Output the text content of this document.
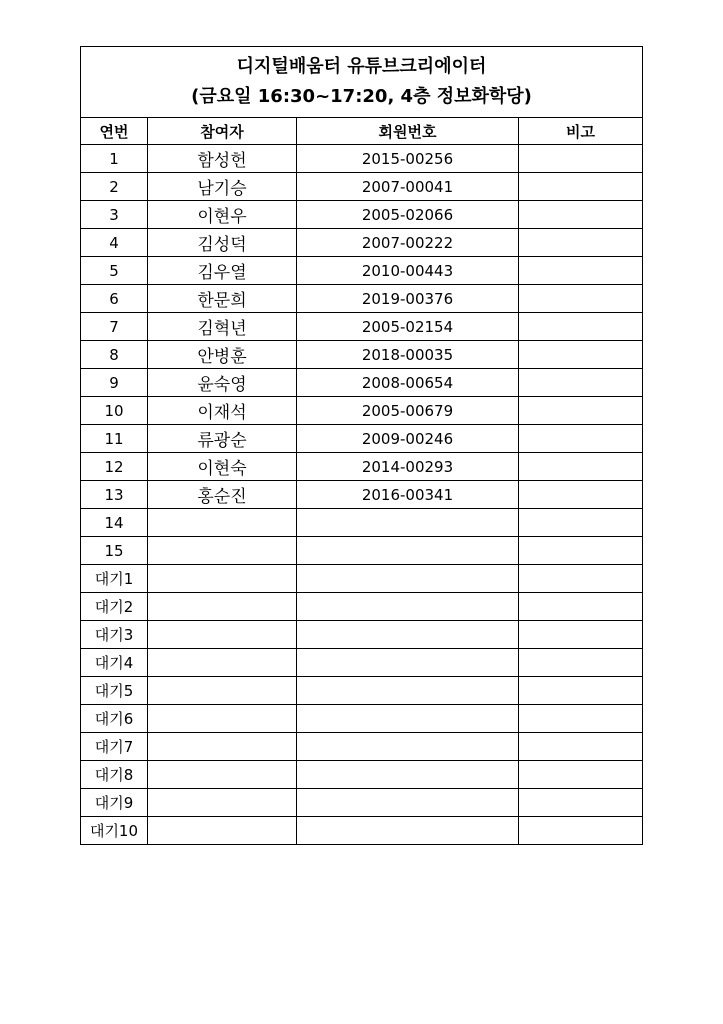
디지털배움터 유튜브크리에이터
(금요일 16:30~17:20, 4층 정보화학당)			

연번	참여자	회원번호	비고
1	함성헌	2015-00256	
2	남기승	2007-00041	
3	이현우	2005-02066	
4	김성덕	2007-00222	
5	김우열	2010-00443	
6	한문희	2019-00376	
7	김혁년	2005-02154	
8	안병훈	2018-00035	
9	윤숙영	2008-00654	
10	이재석	2005-00679	
11	류광순	2009-00246	
12	이현숙	2014-00293	
13	홍순진	2016-00341	
14			
15			
대기1			
대기2			
대기3			
대기4			
대기5			
대기6			
대기7			
대기8			
대기9			
대기10			
